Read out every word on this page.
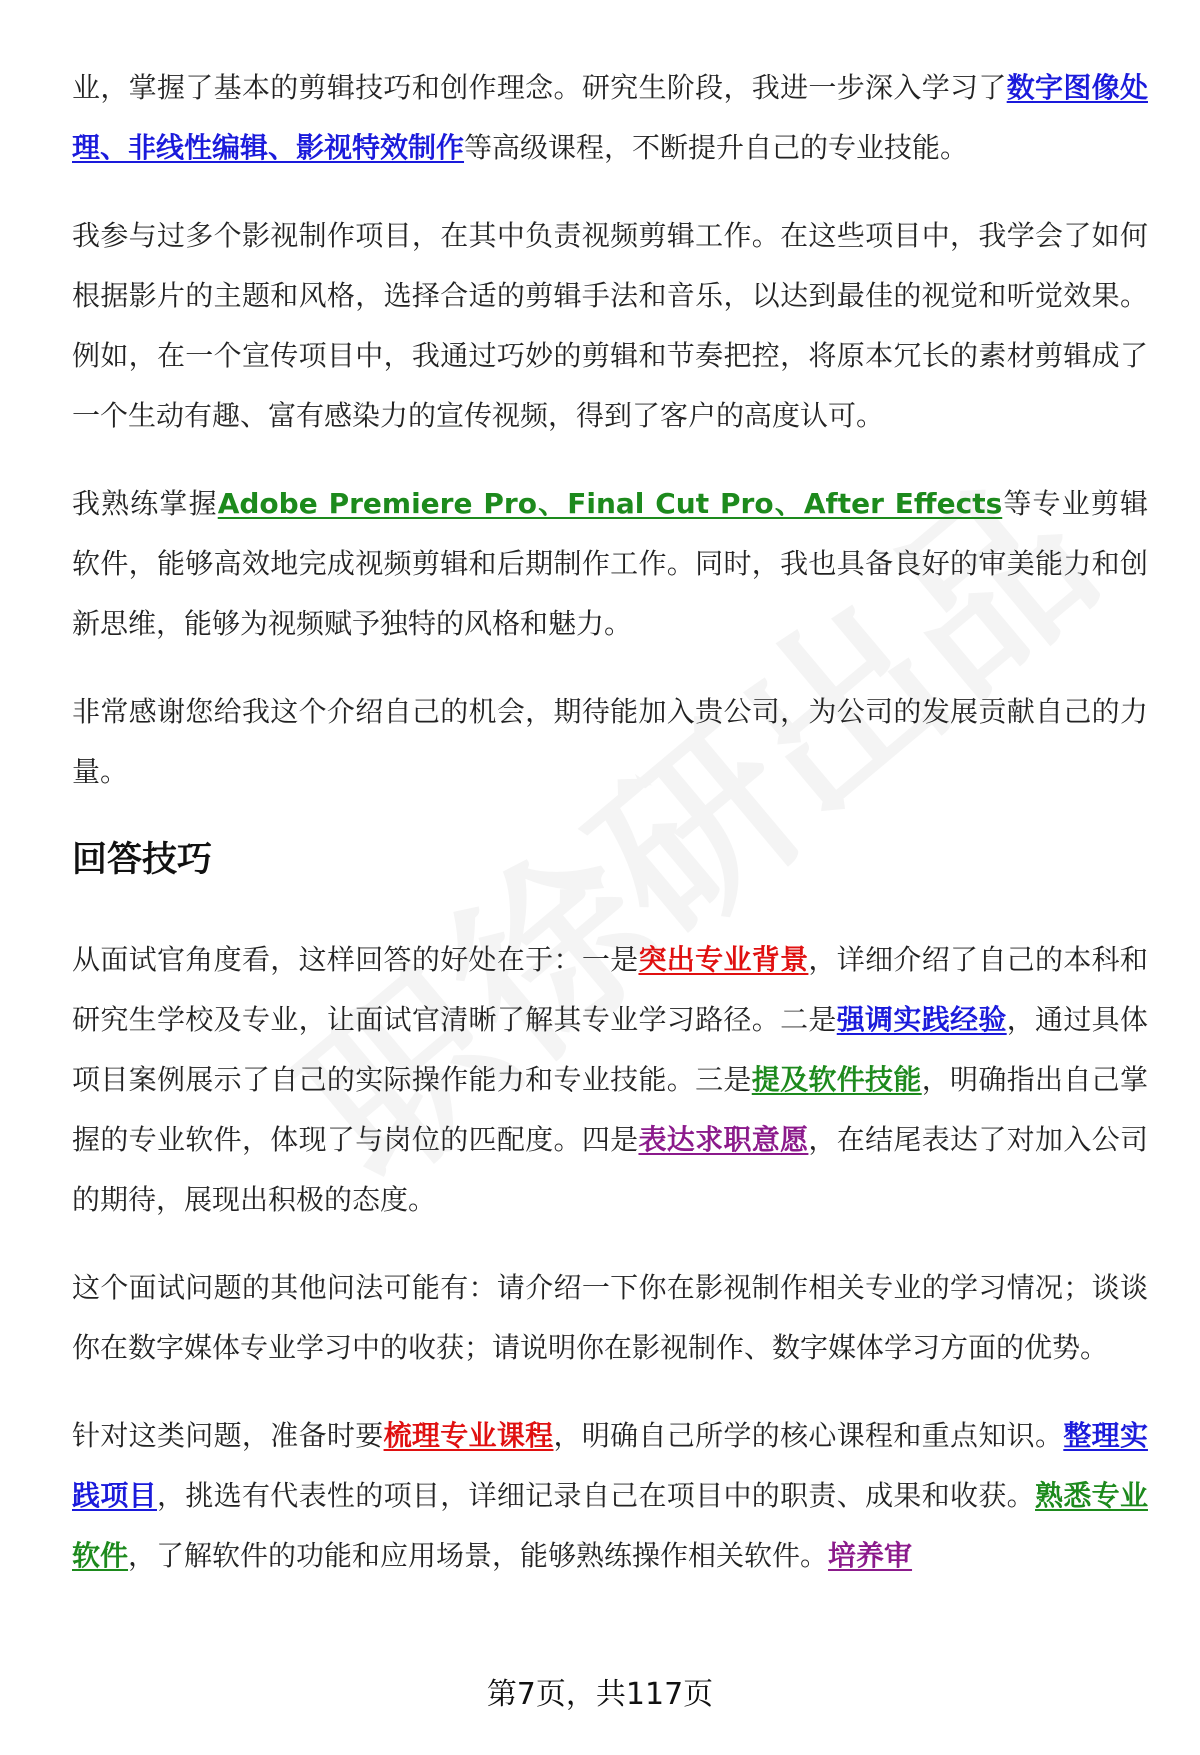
业，掌握了基本的剪辑技巧和创作理念。研究生阶段，我进一步深入学习了数字图像处理、非线性编辑、影视特效制作等高级课程，不断提升自己的专业技能。

我参与过多个影视制作项目，在其中负责视频剪辑工作。在这些项目中，我学会了如何根据影片的主题和风格，选择合适的剪辑手法和音乐，以达到最佳的视觉和听觉效果。例如，在一个宣传项目中，我通过巧妙的剪辑和节奏把控，将原本冗长的素材剪辑成了一个生动有趣、富有感染力的宣传视频，得到了客户的高度认可。

我熟练掌握Adobe Premiere Pro、Final Cut Pro、After Effects等专业剪辑软件，能够高效地完成视频剪辑和后期制作工作。同时，我也具备良好的审美能力和创新思维，能够为视频赋予独特的风格和魅力。

非常感谢您给我这个介绍自己的机会，期待能加入贵公司，为公司的发展贡献自己的力量。

回答技巧

从面试官角度看，这样回答的好处在于：一是突出专业背景，详细介绍了自己的本科和研究生学校及专业，让面试官清晰了解其专业学习路径。二是强调实践经验，通过具体项目案例展示了自己的实际操作能力和专业技能。三是提及软件技能，明确指出自己掌握的专业软件，体现了与岗位的匹配度。四是表达求职意愿，在结尾表达了对加入公司的期待，展现出积极的态度。

这个面试问题的其他问法可能有：请介绍一下你在影视制作相关专业的学习情况；谈谈你在数字媒体专业学习中的收获；请说明你在影视制作、数字媒体学习方面的优势。

针对这类问题，准备时要梳理专业课程，明确自己所学的核心课程和重点知识。整理实践项目，挑选有代表性的项目，详细记录自己在项目中的职责、成果和收获。熟悉专业软件，了解软件的功能和应用场景，能够熟练操作相关软件。培养审

第7页，共117页
